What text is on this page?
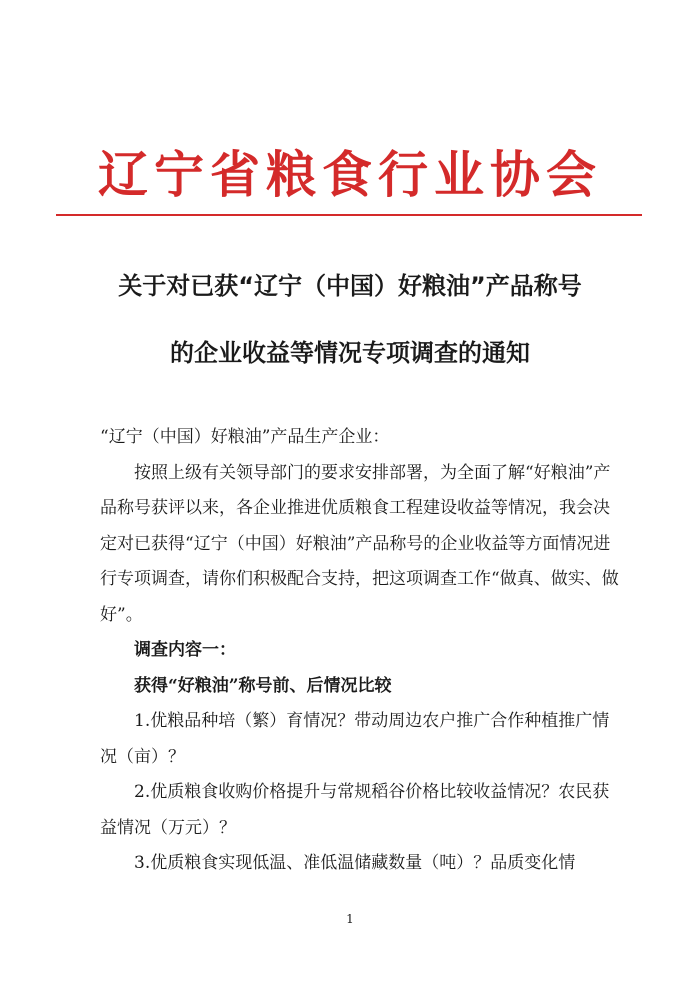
辽宁省粮食行业协会
关于对已获“辽宁（中国）好粮油”产品称号
的企业收益等情况专项调查的通知

“辽宁（中国）好粮油”产品生产企业：

按照上级有关领导部门的要求安排部署，为全面了解“好粮油”产品称号获评以来，各企业推进优质粮食工程建设收益等情况，我会决定对已获得“辽宁（中国）好粮油”产品称号的企业收益等方面情况进行专项调查，请你们积极配合支持，把这项调查工作“做真、做实、做好”。

调查内容一：

获得“好粮油”称号前、后情况比较

1.优粮品种培（繁）育情况？带动周边农户推广合作种植推广情况（亩）？

2.优质粮食收购价格提升与常规稻谷价格比较收益情况？农民获益情况（万元）？

3.优质粮食实现低温、准低温储藏数量（吨）？品质变化情

1
